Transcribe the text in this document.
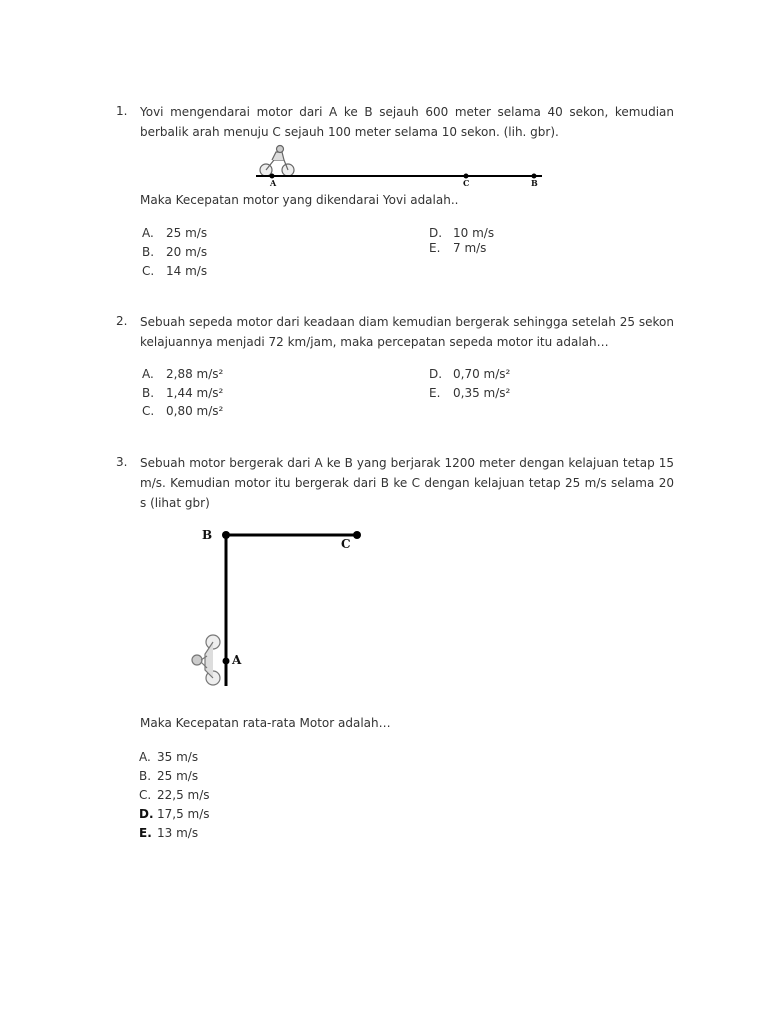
1. Yovi mengendarai motor dari A ke B sejauh 600 meter selama 40 sekon, kemudian berbalik arah menuju C sejauh 100 meter selama 10 sekon. (lih. gbr).
A	C	B
Maka Kecepatan motor yang dikendarai Yovi adalah..
A. 25 m/s
B. 20 m/s
C. 14 m/s
D. 10 m/s
E. 7 m/s
2. Sebuah sepeda motor dari keadaan diam kemudian bergerak sehingga setelah 25 sekon kelajuannya menjadi 72 km/jam, maka percepatan sepeda motor itu adalah…
A. 2,88 m/s²
B. 1,44 m/s²
C. 0,80 m/s²
D. 0,70 m/s²
E. 0,35 m/s²
3. Sebuah motor bergerak dari A ke B yang berjarak 1200 meter dengan kelajuan tetap 15 m/s. Kemudian motor itu bergerak dari B ke C dengan kelajuan tetap 25 m/s selama 20 s (lihat gbr)
B
C
A
Maka Kecepatan rata-rata Motor adalah…
A. 35 m/s
B. 25 m/s
C. 22,5 m/s
D. 17,5 m/s
E. 13 m/s
